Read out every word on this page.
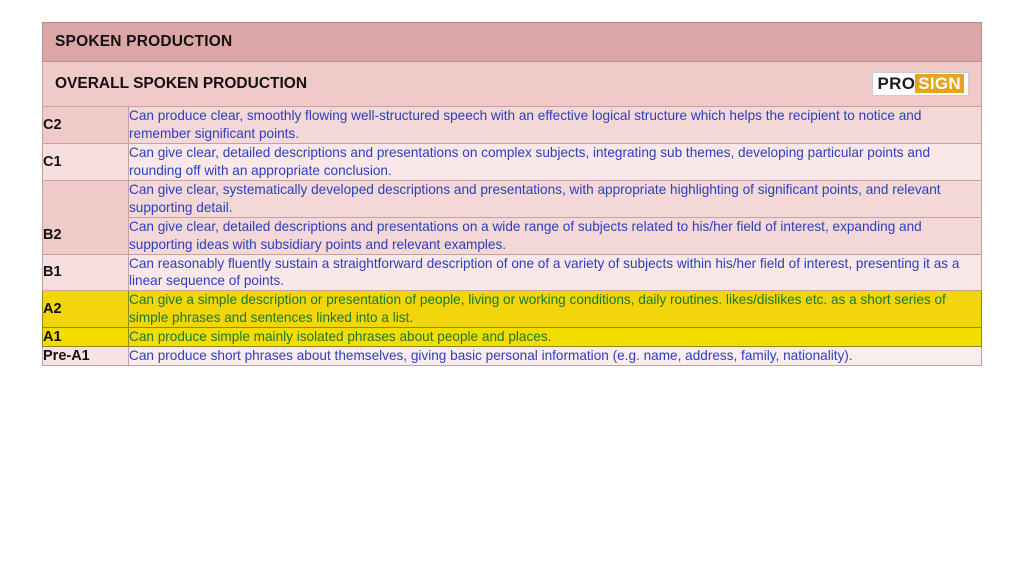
SPOKEN PRODUCTION	

OVERALL SPOKEN PRODUCTION PRO SIGN	

C2	Can produce clear, smoothly flowing well-structured speech with an effective logical structure which helps the recipient to notice and remember significant points.
C1	Can give clear, detailed descriptions and presentations on complex subjects, integrating sub themes, developing particular points and rounding off with an appropriate conclusion.
	Can give clear, systematically developed descriptions and presentations, with appropriate highlighting of significant points, and relevant supporting detail.
B2	Can give clear, detailed descriptions and presentations on a wide range of subjects related to his/her field of interest, expanding and supporting ideas with subsidiary points and relevant examples.
B1	Can reasonably fluently sustain a straightforward description of one of a variety of subjects within his/her field of interest, presenting it as a linear sequence of points.
A2	Can give a simple description or presentation of people, living or working conditions, daily routines. likes/dislikes etc. as a short series of simple phrases and sentences linked into a list.
A1	Can produce simple mainly isolated phrases about people and places.
Pre-A1	Can produce short phrases about themselves, giving basic personal information (e.g. name, address, family, nationality).
